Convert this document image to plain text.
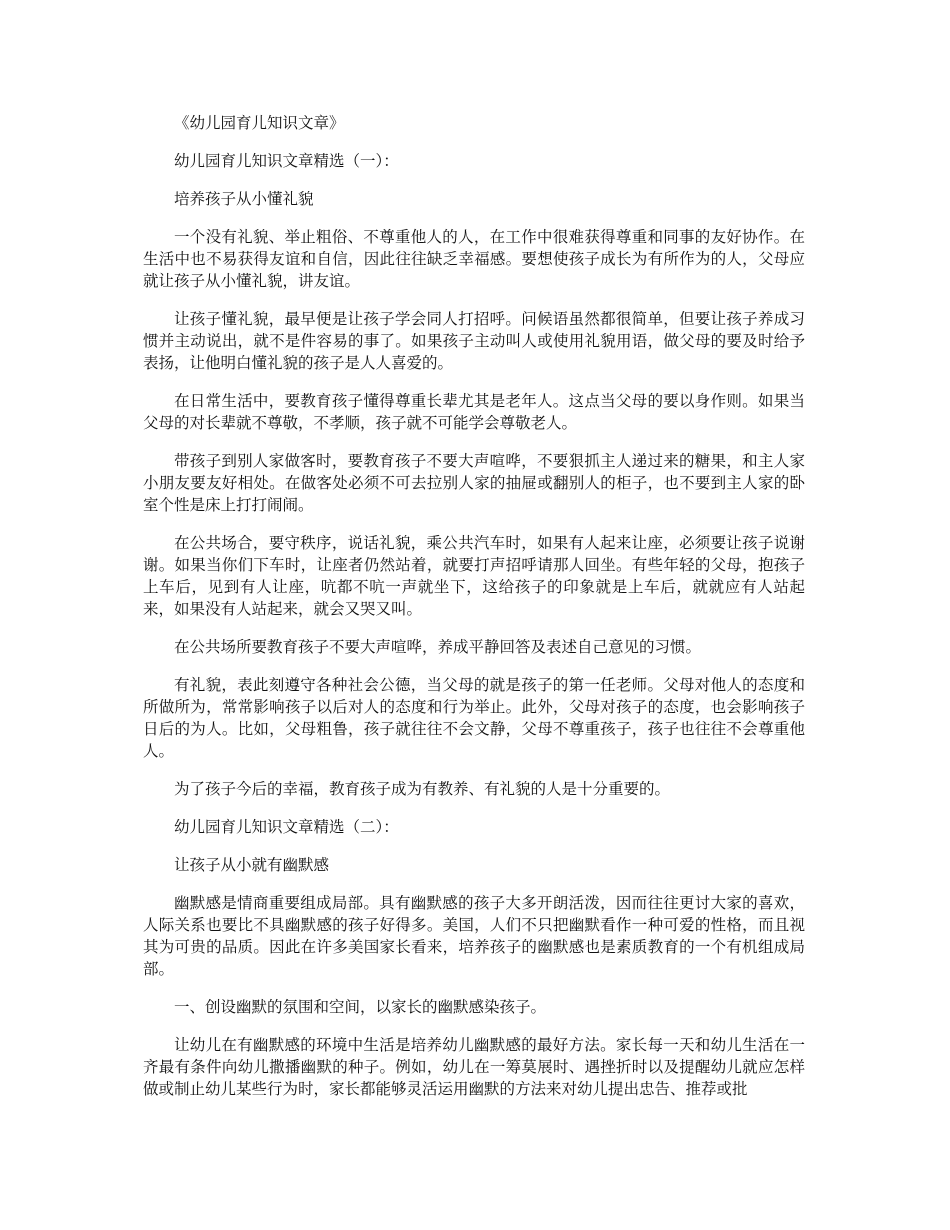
《幼儿园育儿知识文章》

幼儿园育儿知识文章精选（一）：

培养孩子从小懂礼貌

一个没有礼貌、举止粗俗、不尊重他人的人，在工作中很难获得尊重和同事的友好协作。在生活中也不易获得友谊和自信，因此往往缺乏幸福感。要想使孩子成长为有所作为的人，父母应就让孩子从小懂礼貌，讲友谊。

让孩子懂礼貌，最早便是让孩子学会同人打招呼。问候语虽然都很简单，但要让孩子养成习惯并主动说出，就不是件容易的事了。如果孩子主动叫人或使用礼貌用语，做父母的要及时给予表扬，让他明白懂礼貌的孩子是人人喜爱的。

在日常生活中，要教育孩子懂得尊重长辈尤其是老年人。这点当父母的要以身作则。如果当父母的对长辈就不尊敬，不孝顺，孩子就不可能学会尊敬老人。

带孩子到别人家做客时，要教育孩子不要大声喧哗，不要狠抓主人递过来的糖果，和主人家小朋友要友好相处。在做客处必须不可去拉别人家的抽屉或翻别人的柜子，也不要到主人家的卧室个性是床上打打闹闹。

在公共场合，要守秩序，说话礼貌，乘公共汽车时，如果有人起来让座，必须要让孩子说谢谢。如果当你们下车时，让座者仍然站着，就要打声招呼请那人回坐。有些年轻的父母，抱孩子上车后，见到有人让座，吭都不吭一声就坐下，这给孩子的印象就是上车后，就就应有人站起来，如果没有人站起来，就会又哭又叫。

在公共场所要教育孩子不要大声喧哗，养成平静回答及表述自己意见的习惯。

有礼貌，表此刻遵守各种社会公德，当父母的就是孩子的第一任老师。父母对他人的态度和所做所为，常常影响孩子以后对人的态度和行为举止。此外，父母对孩子的态度，也会影响孩子日后的为人。比如，父母粗鲁，孩子就往往不会文静，父母不尊重孩子，孩子也往往不会尊重他人。

为了孩子今后的幸福，教育孩子成为有教养、有礼貌的人是十分重要的。

幼儿园育儿知识文章精选（二）：

让孩子从小就有幽默感

幽默感是情商重要组成局部。具有幽默感的孩子大多开朗活泼，因而往往更讨大家的喜欢，人际关系也要比不具幽默感的孩子好得多。美国，人们不只把幽默看作一种可爱的性格，而且视其为可贵的品质。因此在许多美国家长看来，培养孩子的幽默感也是素质教育的一个有机组成局部。

一、创设幽默的氛围和空间，以家长的幽默感染孩子。

让幼儿在有幽默感的环境中生活是培养幼儿幽默感的最好方法。家长每一天和幼儿生活在一齐最有条件向幼儿撒播幽默的种子。例如，幼儿在一筹莫展时、遇挫折时以及提醒幼儿就应怎样做或制止幼儿某些行为时，家长都能够灵活运用幽默的方法来对幼儿提出忠告、推荐或批
